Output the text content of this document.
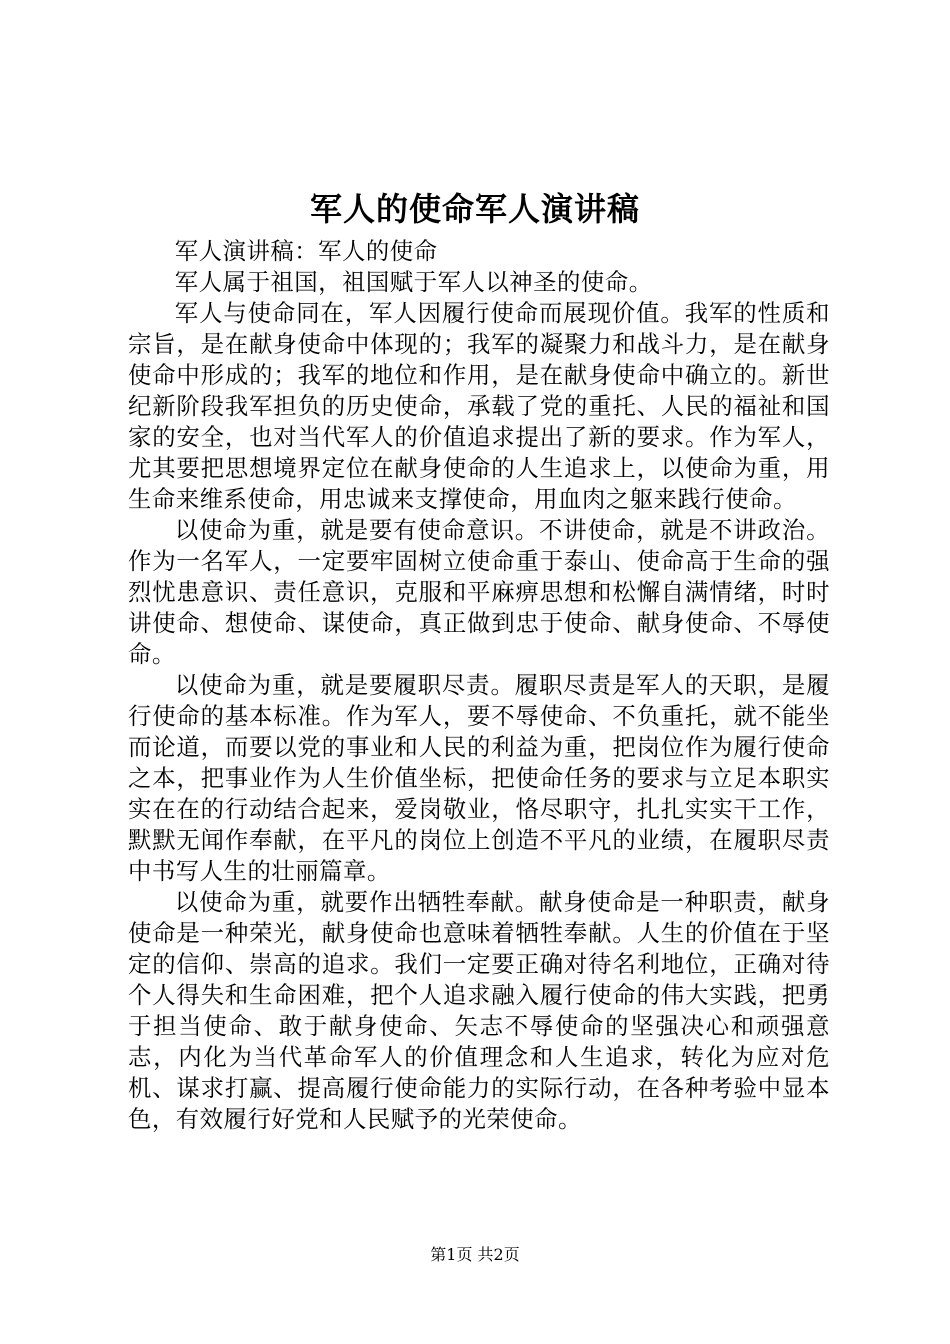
军人的使命军人演讲稿

军人演讲稿：军人的使命

军人属于祖国，祖国赋于军人以神圣的使命。

军人与使命同在，军人因履行使命而展现价值。我军的性质和宗旨，是在献身使命中体现的；我军的凝聚力和战斗力，是在献身使命中形成的；我军的地位和作用，是在献身使命中确立的。新世纪新阶段我军担负的历史使命，承载了党的重托、人民的福祉和国家的安全，也对当代军人的价值追求提出了新的要求。作为军人，尤其要把思想境界定位在献身使命的人生追求上，以使命为重，用生命来维系使命，用忠诚来支撑使命，用血肉之躯来践行使命。

以使命为重，就是要有使命意识。不讲使命，就是不讲政治。作为一名军人，一定要牢固树立使命重于泰山、使命高于生命的强烈忧患意识、责任意识，克服和平麻痹思想和松懈自满情绪，时时讲使命、想使命、谋使命，真正做到忠于使命、献身使命、不辱使命。

以使命为重，就是要履职尽责。履职尽责是军人的天职，是履行使命的基本标准。作为军人，要不辱使命、不负重托，就不能坐而论道，而要以党的事业和人民的利益为重，把岗位作为履行使命之本，把事业作为人生价值坐标，把使命任务的要求与立足本职实实在在的行动结合起来，爱岗敬业，恪尽职守，扎扎实实干工作，默默无闻作奉献，在平凡的岗位上创造不平凡的业绩，在履职尽责中书写人生的壮丽篇章。

以使命为重，就要作出牺牲奉献。献身使命是一种职责，献身使命是一种荣光，献身使命也意味着牺牲奉献。人生的价值在于坚定的信仰、崇高的追求。我们一定要正确对待名利地位，正确对待个人得失和生命困难，把个人追求融入履行使命的伟大实践，把勇于担当使命、敢于献身使命、矢志不辱使命的坚强决心和顽强意志，内化为当代革命军人的价值理念和人生追求，转化为应对危机、谋求打赢、提高履行使命能力的实际行动，在各种考验中显本色，有效履行好党和人民赋予的光荣使命。

第1页 共2页
